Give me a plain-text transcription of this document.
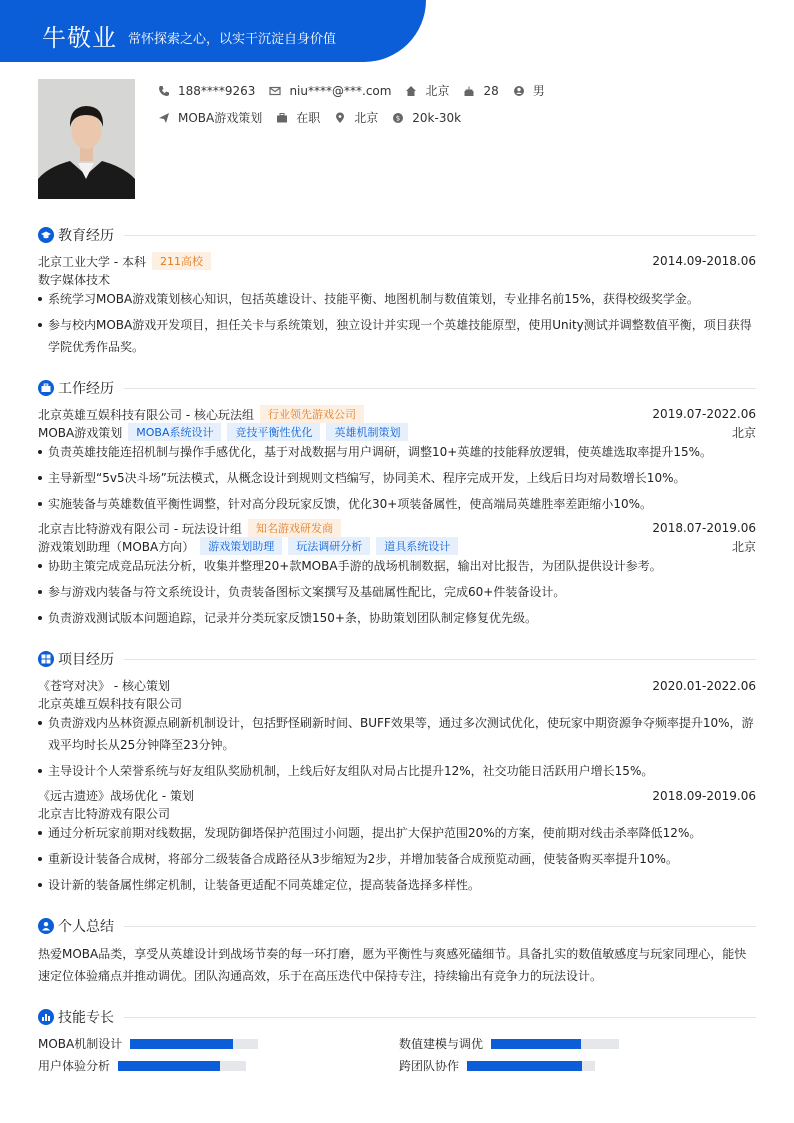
牛敬业 常怀探索之心，以实干沉淀自身价值
188****9263	niu****@***.com	北京	28	男
MOBA游戏策划	在职	北京	$ 20k-30k
教育经历
北京工业大学 - 本科	211高校	2014.09-2018.06
数字媒体技术
系统学习MOBA游戏策划核心知识，包括英雄设计、技能平衡、地图机制与数值策划，专业排名前15%，获得校级奖学金。
参与校内MOBA游戏开发项目，担任关卡与系统策划，独立设计并实现一个英雄技能原型，使用Unity测试并调整数值平衡，项目获得学院优秀作品奖。
工作经历
北京英雄互娱科技有限公司 - 核心玩法组	行业领先游戏公司	2019.07-2022.06
MOBA游戏策划	MOBA系统设计	竞技平衡性优化	英雄机制策划	北京
负责英雄技能连招机制与操作手感优化，基于对战数据与用户调研，调整10+英雄的技能释放逻辑，使英雄选取率提升15%。
主导新型“5v5决斗场”玩法模式，从概念设计到规则文档编写，协同美术、程序完成开发，上线后日均对局数增长10%。
实施装备与英雄数值平衡性调整，针对高分段玩家反馈，优化30+项装备属性，使高端局英雄胜率差距缩小10%。
北京吉比特游戏有限公司 - 玩法设计组	知名游戏研发商	2018.07-2019.06
游戏策划助理（MOBA方向）	游戏策划助理	玩法调研分析	道具系统设计	北京
协助主策完成竞品玩法分析，收集并整理20+款MOBA手游的战场机制数据，输出对比报告，为团队提供设计参考。
参与游戏内装备与符文系统设计，负责装备图标文案撰写及基础属性配比，完成60+件装备设计。
负责游戏测试版本问题追踪，记录并分类玩家反馈150+条，协助策划团队制定修复优先级。
项目经历
《苍穹对决》 - 核心策划	2020.01-2022.06
北京英雄互娱科技有限公司
负责游戏内丛林资源点刷新机制设计，包括野怪刷新时间、BUFF效果等，通过多次测试优化，使玩家中期资源争夺频率提升10%，游戏平均时长从25分钟降至23分钟。
主导设计个人荣誉系统与好友组队奖励机制，上线后好友组队对局占比提升12%，社交功能日活跃用户增长15%。
《远古遗迹》战场优化 - 策划	2018.09-2019.06
北京吉比特游戏有限公司
通过分析玩家前期对线数据，发现防御塔保护范围过小问题，提出扩大保护范围20%的方案，使前期对线击杀率降低12%。
重新设计装备合成树，将部分二级装备合成路径从3步缩短为2步，并增加装备合成预览动画，使装备购买率提升10%。
设计新的装备属性绑定机制，让装备更适配不同英雄定位，提高装备选择多样性。
个人总结
热爱MOBA品类，享受从英雄设计到战场节奏的每一环打磨，愿为平衡性与爽感死磕细节。具备扎实的数值敏感度与玩家同理心，能快速定位体验痛点并推动调优。团队沟通高效，乐于在高压迭代中保持专注，持续输出有竞争力的玩法设计。
技能专长
MOBA机制设计	数值建模与调优
用户体验分析	跨团队协作
